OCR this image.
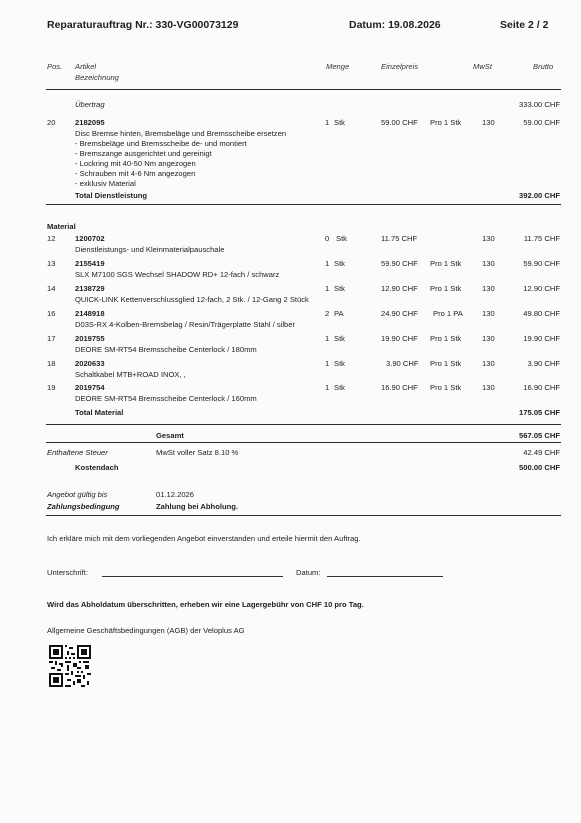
Reparaturauftrag Nr.: 330-VG00073129	Datum: 19.08.2026	Seite 2 / 2
Pos. Artikel
Bezeichnung
Menge	Einzelpreis	MwSt	Brutto
Übertrag	333.00 CHF
20	2182095	1 Stk	59.00 CHF Pro 1 Stk	130	59.00 CHF
Disc Bremse hinten, Bremsbeläge und Bremsscheibe ersetzen
- Bremsbeläge und Bremsscheibe de- und montiert
- Bremszange ausgerichtet und gereinigt
- Lockring mit 40-50 Nm angezogen
- Schrauben mit 4-6 Nm angezogen
- exklusiv Material
Total Dienstleistung	392.00 CHF
Material
12	1200702	0 Stk	11.75 CHF	130	11.75 CHF
Dienstleistungs- und Kleinmaterialpauschale
13	2155419	1 Stk	59.90 CHF Pro 1 Stk	130	59.90 CHF
SLX M7100 SGS Wechsel SHADOW RD+ 12-fach / schwarz
14	2138729	1 Stk	12.90 CHF Pro 1 Stk	130	12.90 CHF
QUICK-LINK Kettenverschlussglied 12-fach, 2 Stk. / 12-Gang 2 Stück
16	2148918	2 PA	24.90 CHF Pro 1 PA	130	49.80 CHF
D03S-RX 4-Kolben-Bremsbelag / Resin/Trägerplatte Stahl / silber
17	2019755	1 Stk	19.90 CHF Pro 1 Stk	130	19.90 CHF
DEORE SM-RT54 Bremsscheibe Centerlock / 180mm
18	2020633	1 Stk	3.90 CHF Pro 1 Stk	130	3.90 CHF
Schaltkabel MTB+ROAD INOX, ,
19	2019754	1 Stk	16.90 CHF Pro 1 Stk	130	16.90 CHF
DEORE SM-RT54 Bremsscheibe Centerlock / 160mm
Total Material	175.05 CHF
Gesamt	567.05 CHF
Enthaltene Steuer	MwSt voller Satz 8.10 %	42.49 CHF
Kostendach	500.00 CHF
Angebot gültig bis	01.12.2026
Zahlungsbedingung	Zahlung bei Abholung.
Ich erkläre mich mit dem vorliegenden Angebot einverstanden und erteile hiermit den Auftrag.
Unterschrift:	Datum:
Wird das Abholdatum überschritten, erheben wir eine Lagergebühr von CHF 10 pro Tag.
Allgemeine Geschäftsbedingungen (AGB) der Veloplus AG
